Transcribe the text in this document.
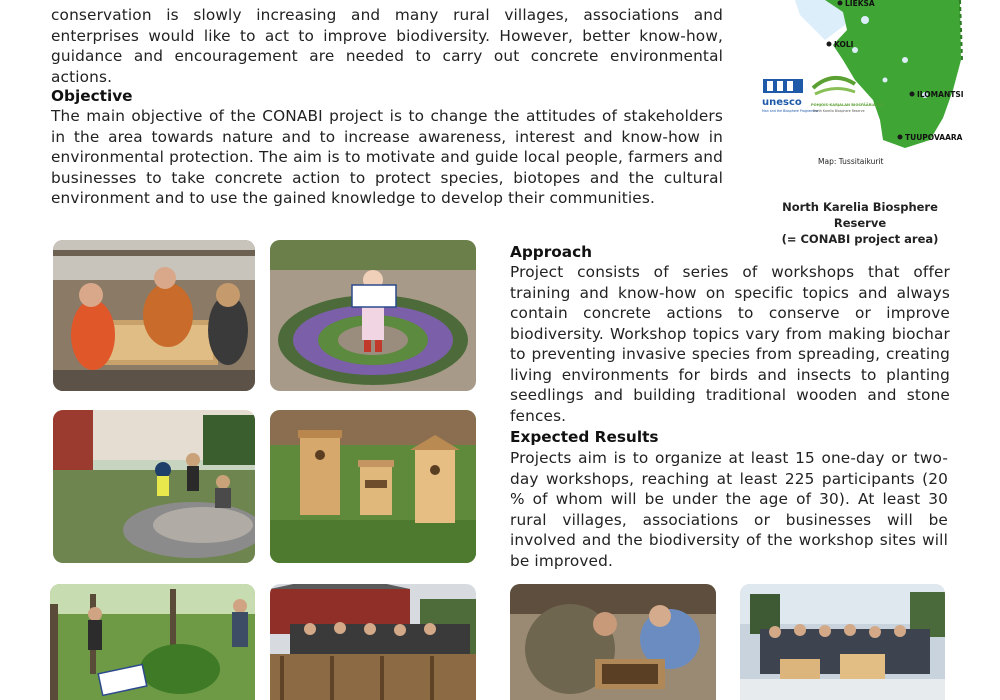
conservation is slowly increasing and many rural villages, associations and enterprises would like to act to improve biodiversity. However, better know-how, guidance and encouragement are needed to carry out concrete environmental actions.

Objective

The main objective of the CONABI project is to change the attitudes of stakeholders in the area towards nature and to increase awareness, interest and know-how in environmental protection. The aim is to motivate and guide local people, farmers and businesses to take concrete action to protect species, biotopes and the cultural environment and to use the gained knowledge to develop their communities.

LIEKSA
KOLI
ILOMANTSI
TUUPOVAARA
unesco
Man and the Biosphere Programme
POHJOIS-KARJALAN BIOSFÄÄRIALUE
North Karelia Biosphere Reserve
Map: Tussitaikurit
North Karelia Biosphere Reserve
(= CONABI project area)
Approach

Project consists of series of workshops that offer training and know-how on specific topics and always contain concrete actions to conserve or improve biodiversity. Workshop topics vary from making biochar to preventing invasive species from spreading, creating living environments for birds and insects to planting seedlings and building traditional wooden and stone fences.

Expected Results

Projects aim is to organize at least 15 one-day or two-day workshops, reaching at least 225 participants (20 % of whom will be under the age of 30). At least 30 rural villages, associations or businesses will be involved and the biodiversity of the workshop sites will be improved.
